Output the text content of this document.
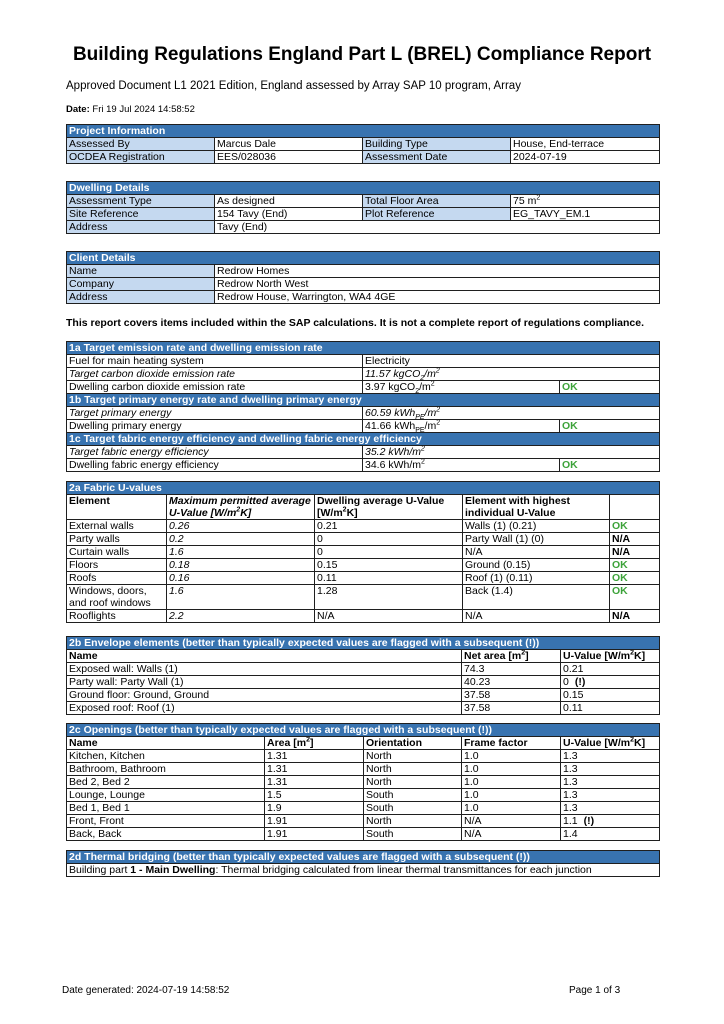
Building Regulations England Part L (BREL) Compliance Report
Approved Document L1 2021 Edition, England assessed by Array SAP 10 program, Array
Date: Fri 19 Jul 2024 14:58:52
Project Information			
Assessed By	Marcus Dale	Building Type	House, End-terrace
OCDEA Registration	EES/028036	Assessment Date	2024-07-19
Dwelling Details			
Assessment Type	As designed	Total Floor Area	75 $m^2$
Site Reference	154 Tavy (End)	Plot Reference	EG_TAVY_EM.1
Address	Tavy (End)		
Client Details	
Name	Redrow Homes
Company	Redrow North West
Address	Redrow House, Warrington, WA4 4GE
This report covers items included within the SAP calculations. It is not a complete report of regulations compliance.
1a Target emission rate and dwelling emission rate		
Fuel for main heating system	Electricity	
Target carbon dioxide emission rate	11.57 $kgCO_2/m^2$
Dwelling carbon dioxide emission rate	3.97 $kgCO_2/m^2$	OK
1b Target primary energy rate and dwelling primary energy		
Target primary energy	60.59 $kWh_{PE}/m^2$
Dwelling primary energy	41.66 $kWh_{PE}/m^2$	OK
1c Target fabric energy efficiency and dwelling fabric energy efficiency		
Target fabric energy efficiency	35.2 kWh/$m^2$
Dwelling fabric energy efficiency	34.6 kWh/$m^2$	OK
2a Fabric U-values				
Element	Maximum permitted average U-Value $[W/m^2K]$	Dwelling average U-Value $[W/m^2K]$	Element with highest individual U-Value	
External walls	0.26	0.21	Walls (1) (0.21)	OK
Party walls	0.2	0	Party Wall (1) (0)	N/A
Curtain walls	1.6	0	N/A	N/A
Floors	0.18	0.15	Ground (0.15)	OK
Roofs	0.16	0.11	Roof (1) (0.11)	OK
Windows, doors, and roof windows	1.6	1.28	Back (1.4)	OK
Rooflights	2.2	N/A	N/A	N/A
2b Envelope elements (better than typically expected values are flagged with a subsequent (!))		
Name	Net area $[m^2]$	U-Value $[W/m^2K]$
Exposed wall: Walls (1)	74.3	0.21
Party wall: Party Wall (1)	40.23	0 (!)
Ground floor: Ground, Ground	37.58	0.15
Exposed roof: Roof (1)	37.58	0.11
2c Openings (better than typically expected values are flagged with a subsequent (!))				
Name	Area $[m^2]$	Orientation	Frame factor	U-Value $[W/m^2K]$
Kitchen, Kitchen	1.31	North	1.0	1.3
Bathroom, Bathroom	1.31	North	1.0	1.3
Bed 2, Bed 2	1.31	North	1.0	1.3
Lounge, Lounge	1.5	South	1.0	1.3
Bed 1, Bed 1	1.9	South	1.0	1.3
Front, Front	1.91	North	N/A	1.1 (!)
Back, Back	1.91	South	N/A	1.4
2d Thermal bridging (better than typically expected values are flagged with a subsequent (!))
Building part 1 - Main Dwelling: Thermal bridging calculated from linear thermal transmittances for each junction
Date generated: 2024-07-19 14:58:52	Page 1 of 3
